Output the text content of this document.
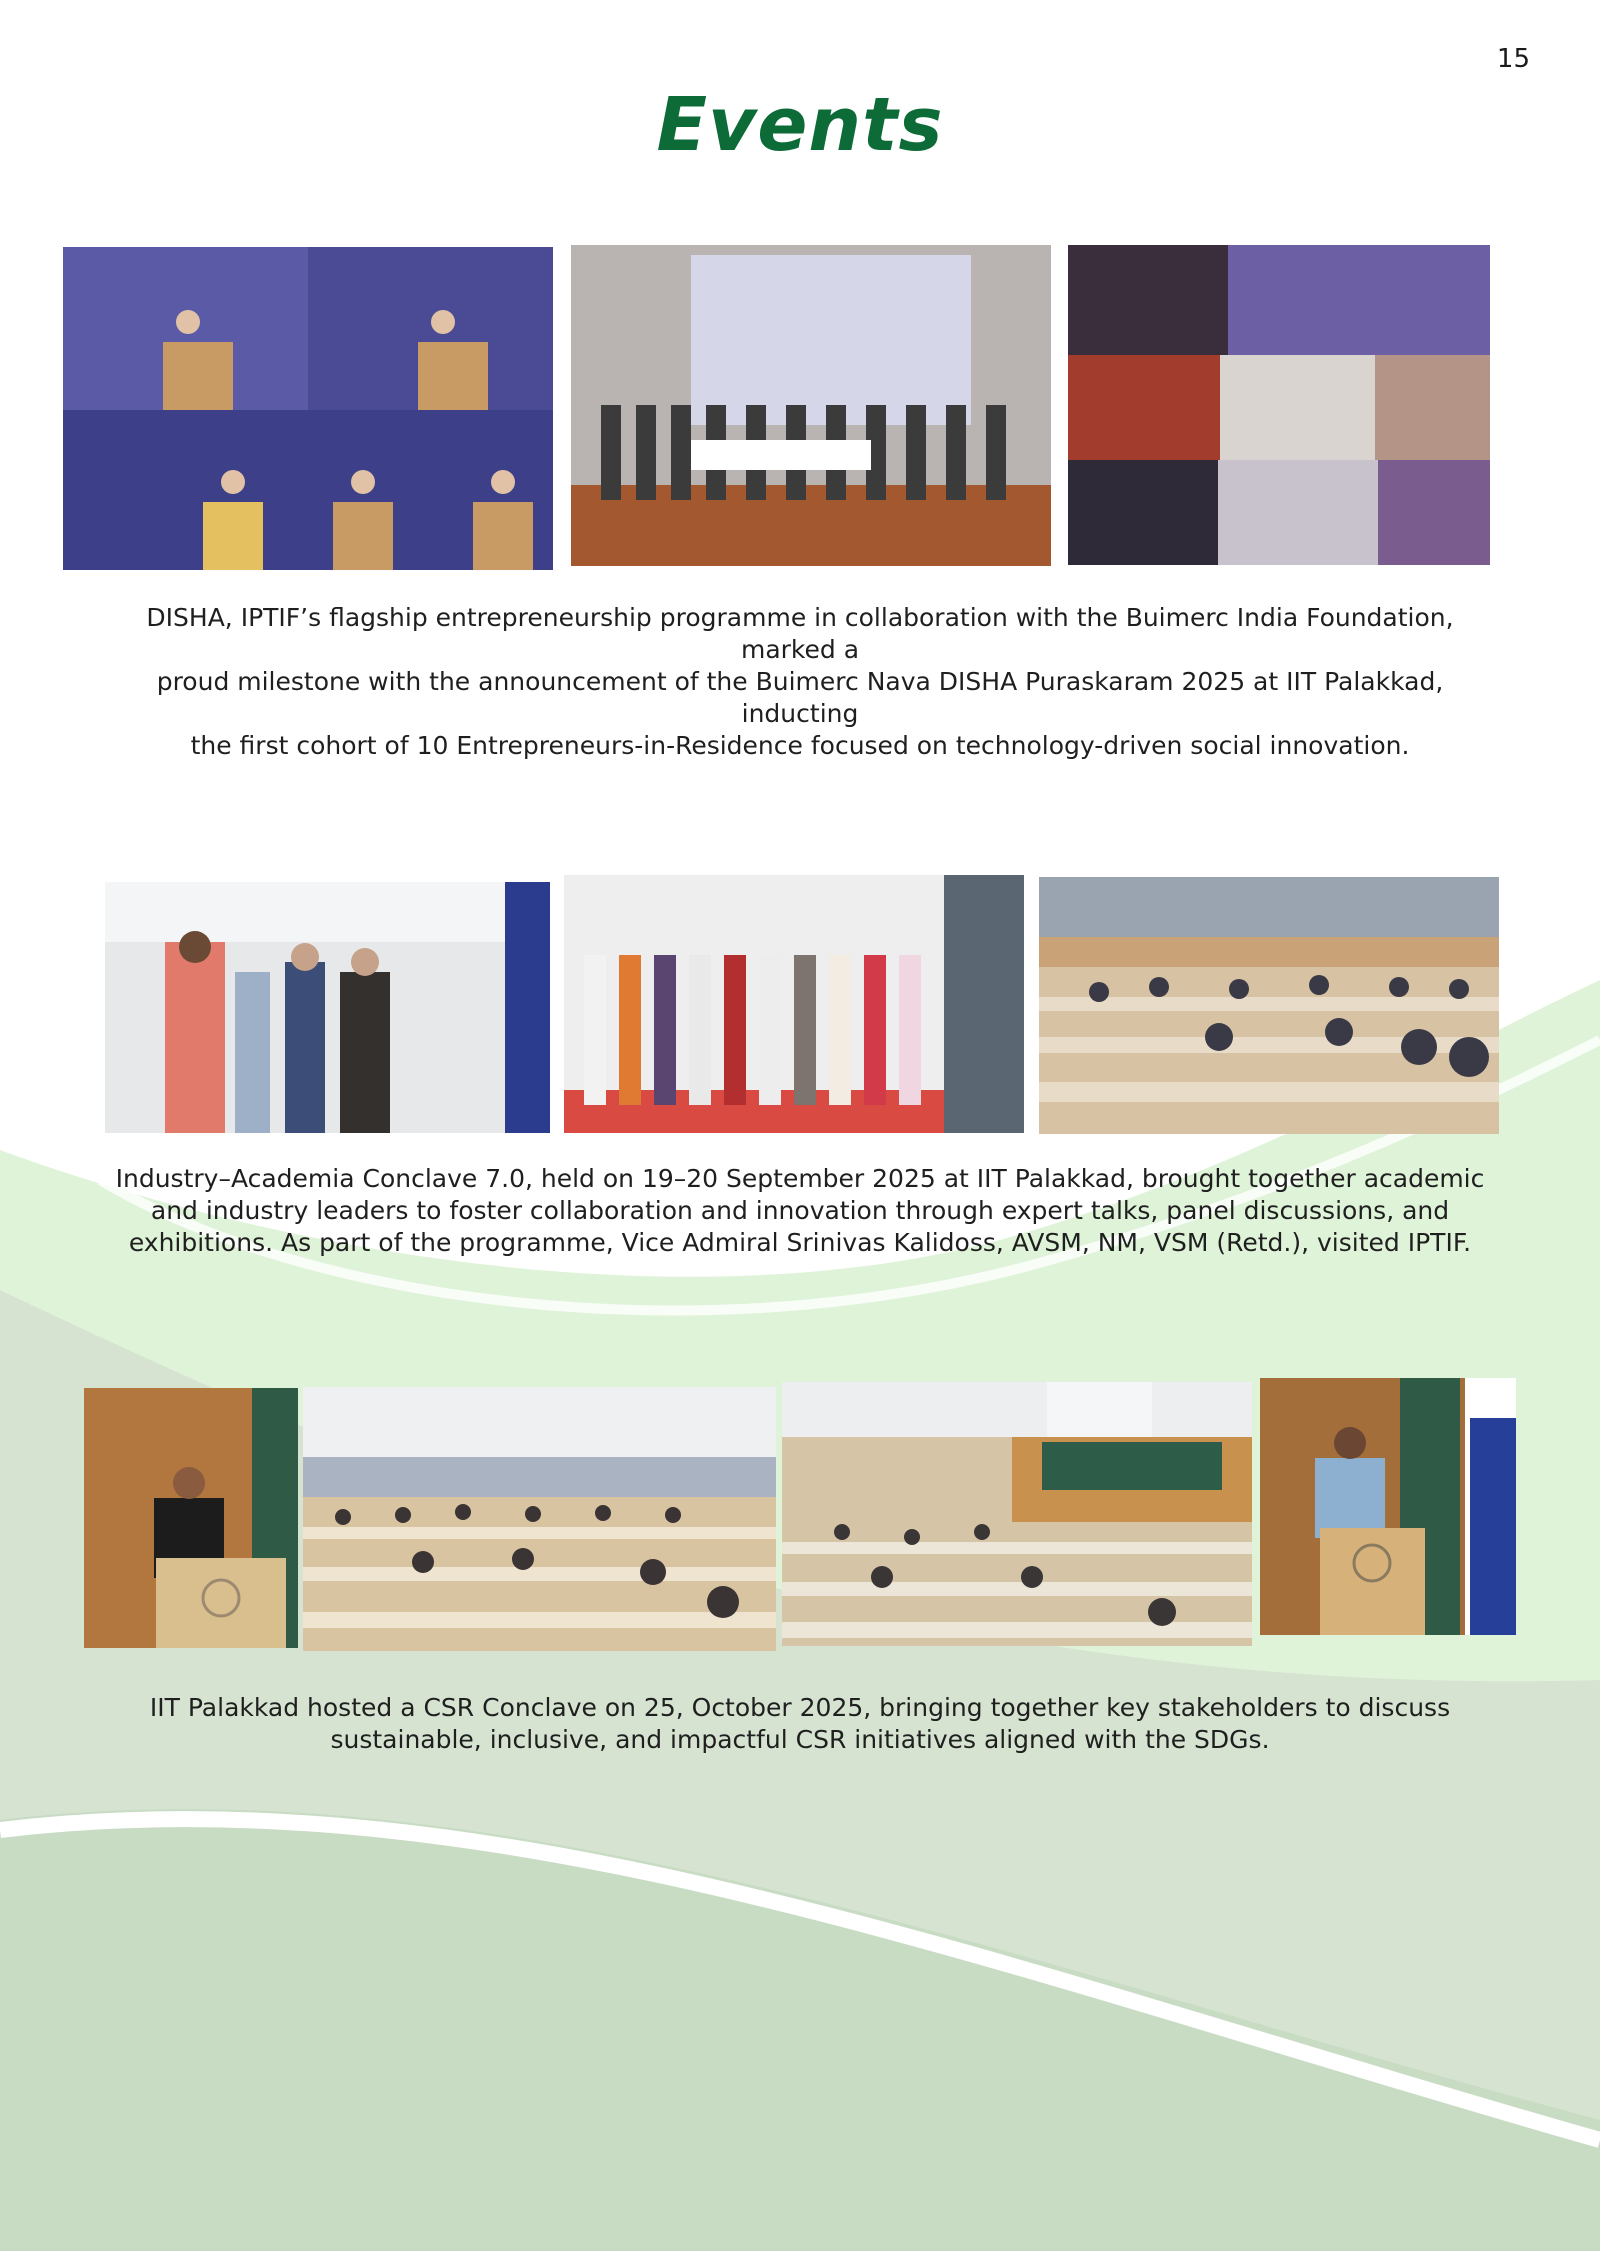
15
Events
DISHA, IPTIF’s flagship entrepreneurship programme in collaboration with the Buimerc India Foundation, marked a
proud milestone with the announcement of the Buimerc Nava DISHA Puraskaram 2025 at IIT Palakkad, inducting
the first cohort of 10 Entrepreneurs-in-Residence focused on technology-driven social innovation.
Industry–Academia Conclave 7.0, held on 19–20 September 2025 at IIT Palakkad, brought together academic
and industry leaders to foster collaboration and innovation through expert talks, panel discussions, and
exhibitions. As part of the programme, Vice Admiral Srinivas Kalidoss, AVSM, NM, VSM (Retd.), visited IPTIF.
IIT Palakkad hosted a CSR Conclave on 25, October 2025, bringing together key stakeholders to discuss
sustainable, inclusive, and impactful CSR initiatives aligned with the SDGs.
